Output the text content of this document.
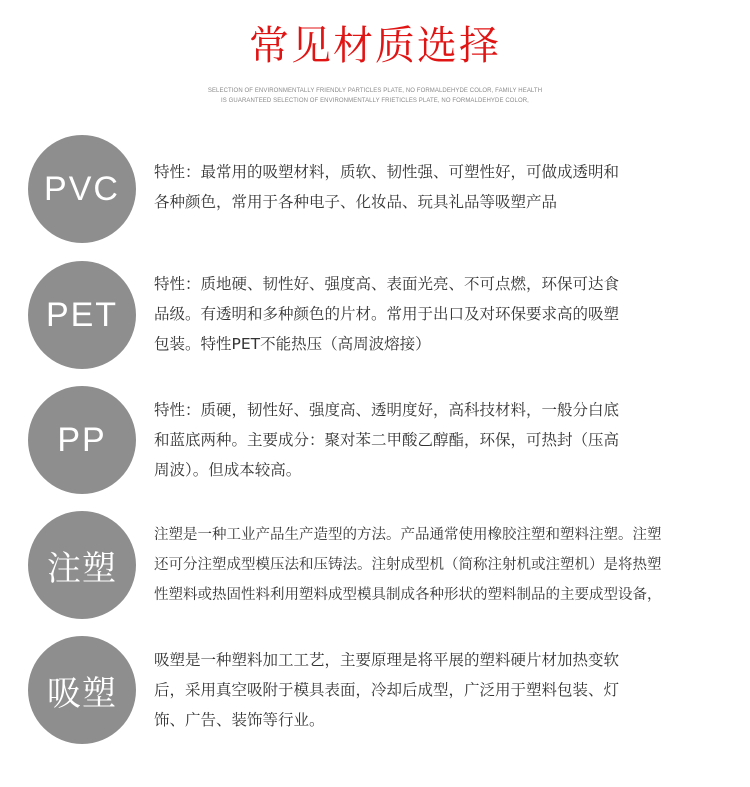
常见材质选择
SELECTION OF ENVIRONMENTALLY FRIENDLY PARTICLES PLATE, NO FORMALDEHYDE COLOR, FAMILY HEALTH
IS GUARANTEED SELECTION OF ENVIRONMENTALLY FRIETICLES PLATE, NO FORMALDEHYDE COLOR,
PVC	特性：最常用的吸塑材料，质软、韧性强、可塑性好，可做成透明和
各种颜色，常用于各种电子、化妆品、玩具礼品等吸塑产品
PET
特性：质地硬、韧性好、强度高、表面光亮、不可点燃，环保可达食
品级。有透明和多种颜色的片材。常用于出口及对环保要求高的吸塑
包装。特性PET不能热压（高周波熔接）
PP
特性：质硬，韧性好、强度高、透明度好，高科技材料，一般分白底
和蓝底两种。主要成分：聚对苯二甲酸乙醇酯，环保，可热封（压高
周波）。但成本较高。
注塑
注塑是一种工业产品生产造型的方法。产品通常使用橡胶注塑和塑料注塑。注塑
还可分注塑成型模压法和压铸法。注射成型机（简称注射机或注塑机）是将热塑
性塑料或热固性料利用塑料成型模具制成各种形状的塑料制品的主要成型设备，
吸塑
吸塑是一种塑料加工工艺，主要原理是将平展的塑料硬片材加热变软
后，采用真空吸附于模具表面，冷却后成型，广泛用于塑料包装、灯
饰、广告、装饰等行业。
